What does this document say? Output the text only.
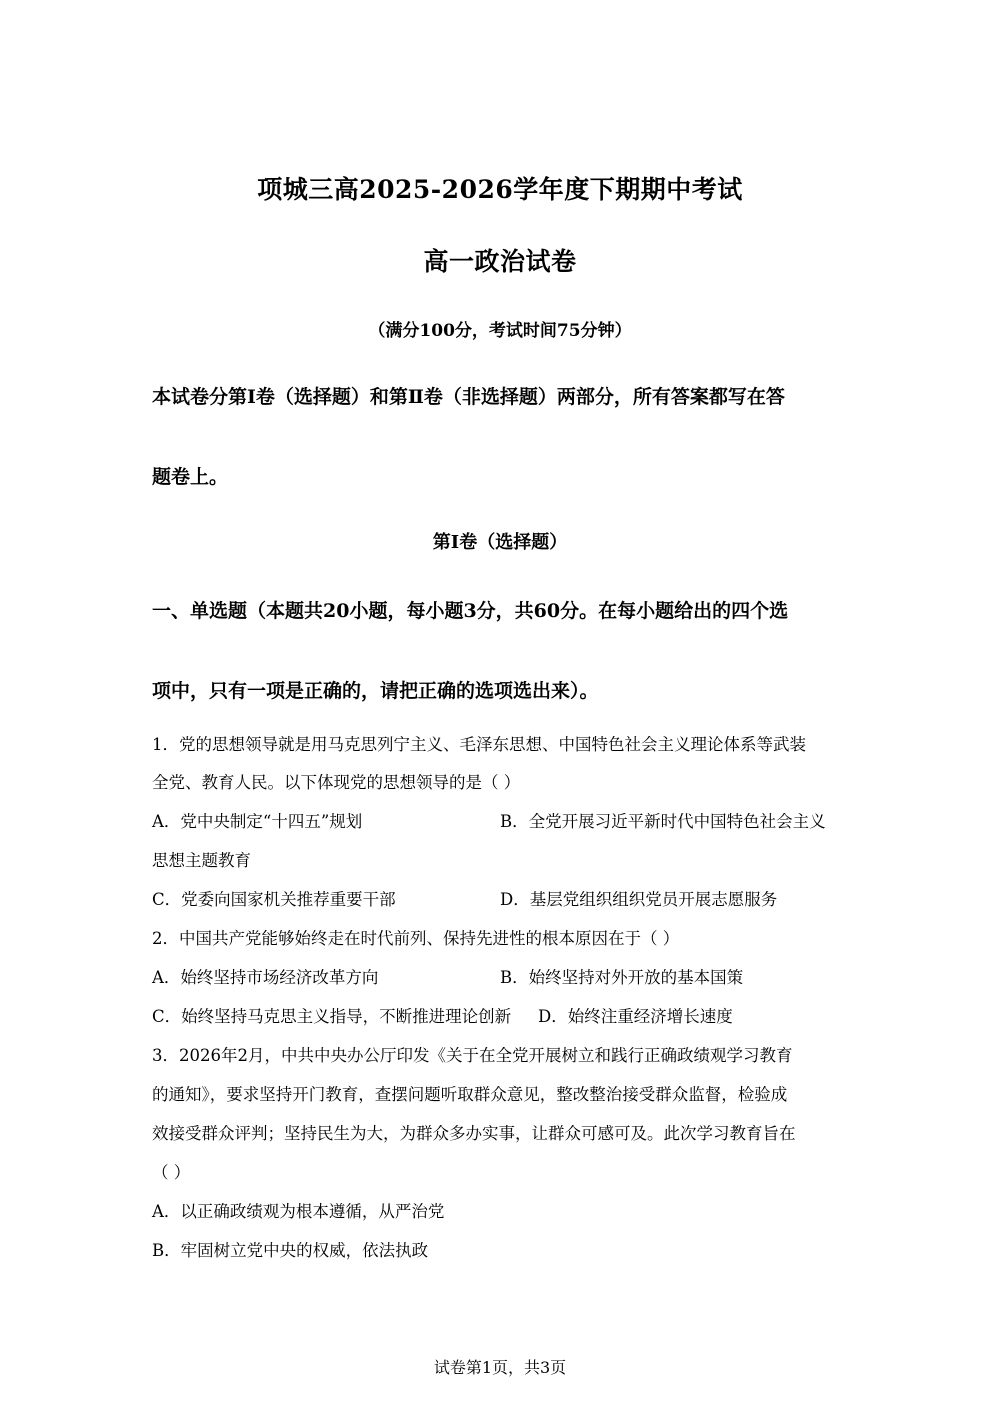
项城三高2025-2026学年度下期期中考试
高一政治试卷
（满分100分，考试时间75分钟）
本试卷分第Ⅰ卷（选择题）和第Ⅱ卷（非选择题）两部分，所有答案都写在答
题卷上。
第Ⅰ卷（选择题）
一、单选题（本题共20小题，每小题3分，共60分。在每小题给出的四个选
项中，只有一项是正确的，请把正确的选项选出来）。
1．党的思想领导就是用马克思列宁主义、毛泽东思想、中国特色社会主义理论体系等武装
全党、教育人民。以下体现党的思想领导的是（ ）
A．党中央制定“十四五”规划	B．全党开展习近平新时代中国特色社会主义
思想主题教育
C．党委向国家机关推荐重要干部	D．基层党组织组织党员开展志愿服务
2．中国共产党能够始终走在时代前列、保持先进性的根本原因在于（ ）
A．始终坚持市场经济改革方向	B．始终坚持对外开放的基本国策
C．始终坚持马克思主义指导，不断推进理论创新 D．始终注重经济增长速度
3．2026年2月，中共中央办公厅印发《关于在全党开展树立和践行正确政绩观学习教育
的通知》，要求坚持开门教育，查摆问题听取群众意见，整改整治接受群众监督，检验成
效接受群众评判；坚持民生为大，为群众多办实事，让群众可感可及。此次学习教育旨在
（ ）
A．以正确政绩观为根本遵循，从严治党
B．牢固树立党中央的权威，依法执政
试卷第1页，共3页
